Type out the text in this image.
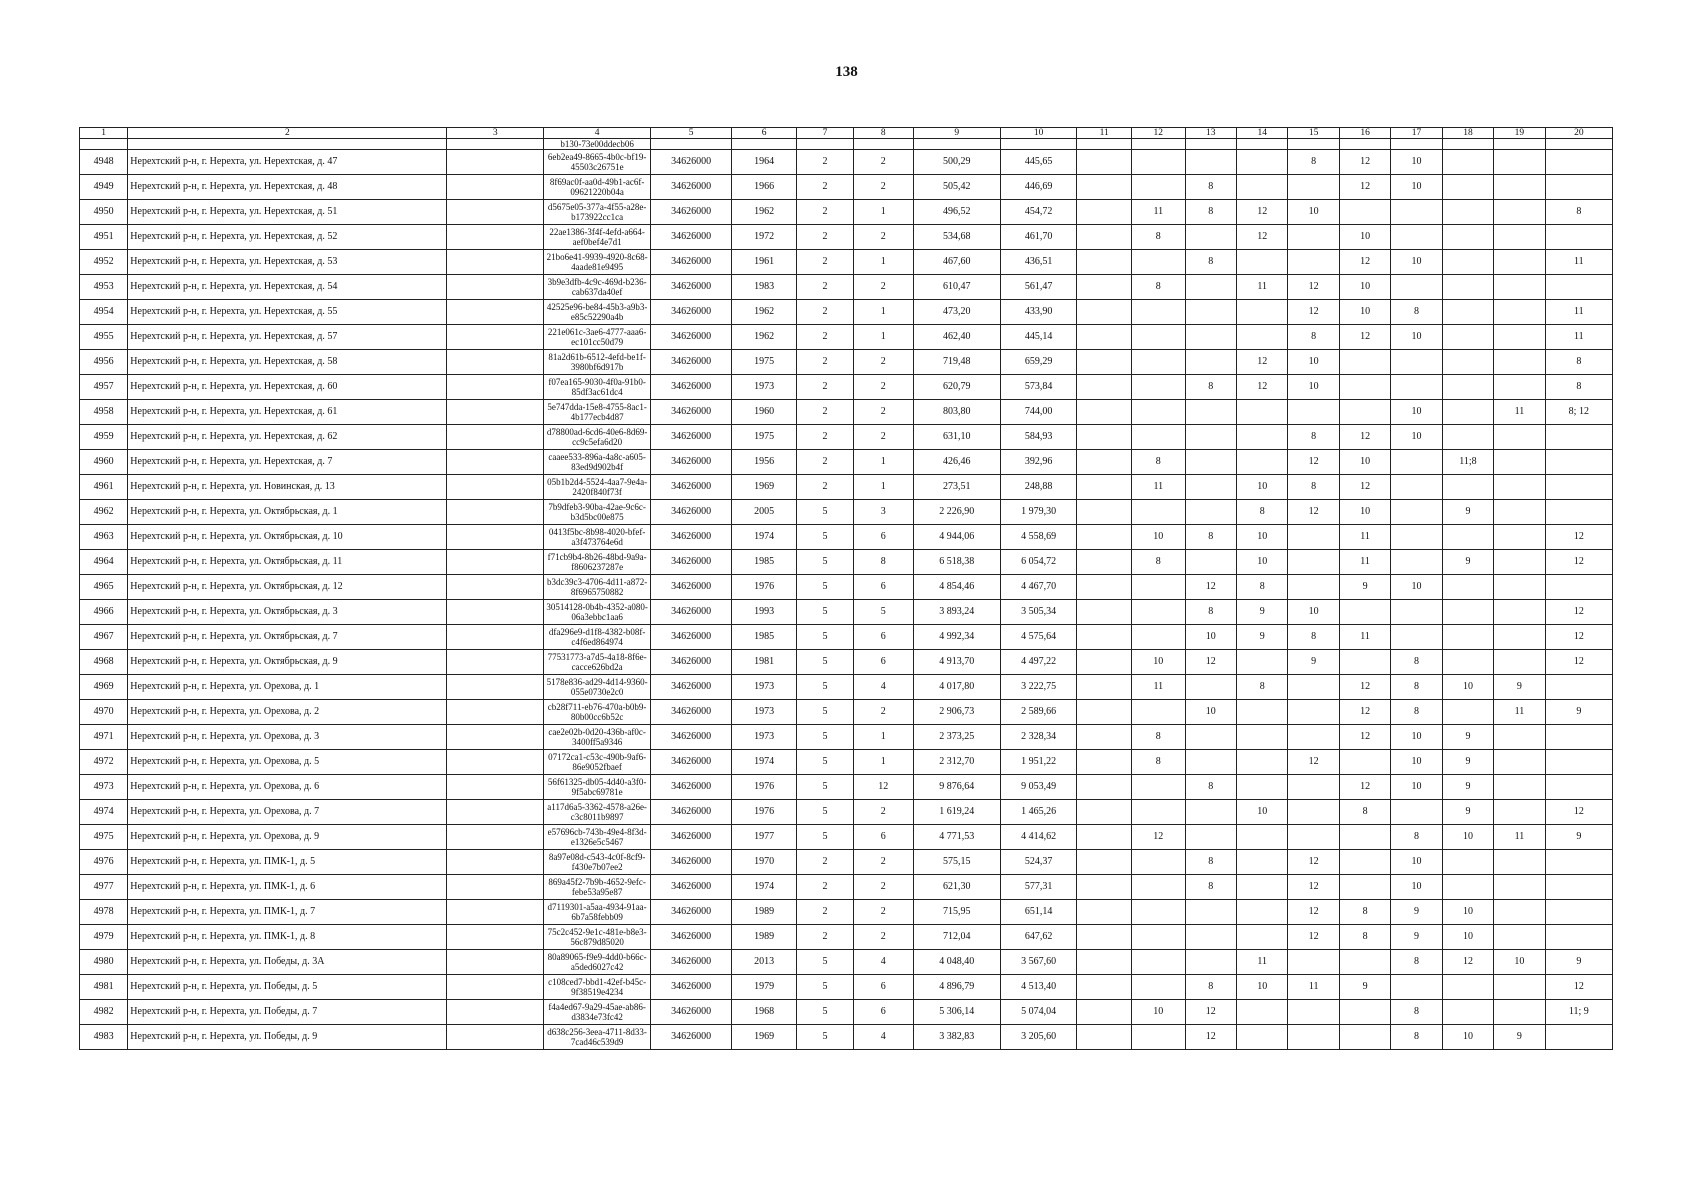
138
1	2	3	4	5	6	7	8	9	10	11	12	13	14	15	16	17	18	19	20
			b130-73e00ddecb06																
4948	Нерехтский р-н, г. Нерехта, ул. Нерехтская, д. 47		6eb2ea49-8665-4b0c-bf19-45503c26751e	34626000	1964	2	2	500,29	445,65					8	12	10			
4949	Нерехтский р-н, г. Нерехта, ул. Нерехтская, д. 48		8f69ac0f-aa0d-49b1-ac6f-09621220b04a	34626000	1966	2	2	505,42	446,69			8			12	10			
4950	Нерехтский р-н, г. Нерехта, ул. Нерехтская, д. 51		d5675e05-377a-4f55-a28e-b173922cc1ca	34626000	1962	2	1	496,52	454,72		11	8	12	10					8
4951	Нерехтский р-н, г. Нерехта, ул. Нерехтская, д. 52		22ae1386-3f4f-4efd-a664-aef0bef4e7d1	34626000	1972	2	2	534,68	461,70		8		12		10				
4952	Нерехтский р-н, г. Нерехта, ул. Нерехтская, д. 53		21bo6e41-9939-4920-8c68-4aade81e9495	34626000	1961	2	1	467,60	436,51			8			12	10			11
4953	Нерехтский р-н, г. Нерехта, ул. Нерехтская, д. 54		3b9e3dfb-4c9c-469d-b236-cab637da40ef	34626000	1983	2	2	610,47	561,47		8		11	12	10				
4954	Нерехтский р-н, г. Нерехта, ул. Нерехтская, д. 55		42525e96-be84-45b3-a9b3-e85c52290a4b	34626000	1962	2	1	473,20	433,90					12	10	8			11
4955	Нерехтский р-н, г. Нерехта, ул. Нерехтская, д. 57		221e061c-3ae6-4777-aaa6-ec101cc50d79	34626000	1962	2	1	462,40	445,14					8	12	10			11
4956	Нерехтский р-н, г. Нерехта, ул. Нерехтская, д. 58		81a2d61b-6512-4efd-be1f-3980bf6d917b	34626000	1975	2	2	719,48	659,29				12	10					8
4957	Нерехтский р-н, г. Нерехта, ул. Нерехтская, д. 60		f07ea165-9030-4f0a-91b0-85df3ac61dc4	34626000	1973	2	2	620,79	573,84			8	12	10					8
4958	Нерехтский р-н, г. Нерехта, ул. Нерехтская, д. 61		5e747dda-15e8-4755-8ac1-4b177ecb4d87	34626000	1960	2	2	803,80	744,00							10		11	8; 12
4959	Нерехтский р-н, г. Нерехта, ул. Нерехтская, д. 62		d78800ad-6cd6-40e6-8d69-cc9c5efa6d20	34626000	1975	2	2	631,10	584,93					8	12	10			
4960	Нерехтский р-н, г. Нерехта, ул. Нерехтская, д. 7		caaee533-896a-4a8c-a605-83ed9d902b4f	34626000	1956	2	1	426,46	392,96		8			12	10		11;8		
4961	Нерехтский р-н, г. Нерехта, ул. Новинская, д. 13		05b1b2d4-5524-4aa7-9e4a-2420f840f73f	34626000	1969	2	1	273,51	248,88		11		10	8	12				
4962	Нерехтский р-н, г. Нерехта, ул. Октябрьская, д. 1		7b9dfeb3-90ba-42ae-9c6c-b3d5bc00e875	34626000	2005	5	3	2 226,90	1 979,30				8	12	10		9		
4963	Нерехтский р-н, г. Нерехта, ул. Октябрьская, д. 10		0413f5bc-8b98-4020-bfef-a3f473764e6d	34626000	1974	5	6	4 944,06	4 558,69		10	8	10		11				12
4964	Нерехтский р-н, г. Нерехта, ул. Октябрьская, д. 11		f71cb9b4-8b26-48bd-9a9a-f8606237287e	34626000	1985	5	8	6 518,38	6 054,72		8		10		11		9		12
4965	Нерехтский р-н, г. Нерехта, ул. Октябрьская, д. 12		b3dc39c3-4706-4d11-a872-8f6965750882	34626000	1976	5	6	4 854,46	4 467,70			12	8		9	10			
4966	Нерехтский р-н, г. Нерехта, ул. Октябрьская, д. 3		30514128-0b4b-4352-a080-06a3ebbc1aa6	34626000	1993	5	5	3 893,24	3 505,34			8	9	10					12
4967	Нерехтский р-н, г. Нерехта, ул. Октябрьская, д. 7		dfa296e9-d1f8-4382-b08f-c4f6ed864974	34626000	1985	5	6	4 992,34	4 575,64			10	9	8	11				12
4968	Нерехтский р-н, г. Нерехта, ул. Октябрьская, д. 9		77531773-a7d5-4a18-8f6e-cacce626bd2a	34626000	1981	5	6	4 913,70	4 497,22		10	12		9		8			12
4969	Нерехтский р-н, г. Нерехта, ул. Орехова, д. 1		5178e836-ad29-4d14-9360-055e0730e2c0	34626000	1973	5	4	4 017,80	3 222,75		11		8		12	8	10	9	
4970	Нерехтский р-н, г. Нерехта, ул. Орехова, д. 2		cb28f711-eb76-470a-b0b9-80b00cc6b52c	34626000	1973	5	2	2 906,73	2 589,66			10			12	8		11	9
4971	Нерехтский р-н, г. Нерехта, ул. Орехова, д. 3		cae2e02b-0d20-436b-af0c-3400ff5a9346	34626000	1973	5	1	2 373,25	2 328,34		8				12	10	9		
4972	Нерехтский р-н, г. Нерехта, ул. Орехова, д. 5		07172ca1-c53c-490b-9af6-86e9052fbaef	34626000	1974	5	1	2 312,70	1 951,22		8			12		10	9		
4973	Нерехтский р-н, г. Нерехта, ул. Орехова, д. 6		56f61325-db05-4d40-a3f0-9f5abc69781e	34626000	1976	5	12	9 876,64	9 053,49			8			12	10	9		
4974	Нерехтский р-н, г. Нерехта, ул. Орехова, д. 7		a117d6a5-3362-4578-a26e-c3c8011b9897	34626000	1976	5	2	1 619,24	1 465,26				10		8		9		12
4975	Нерехтский р-н, г. Нерехта, ул. Орехова, д. 9		e57696cb-743b-49e4-8f3d-e1326e5c5467	34626000	1977	5	6	4 771,53	4 414,62		12					8	10	11	9
4976	Нерехтский р-н, г. Нерехта, ул. ПМК-1, д. 5		8a97e08d-c543-4c0f-8cf9-f430e7b07ee2	34626000	1970	2	2	575,15	524,37			8		12		10			
4977	Нерехтский р-н, г. Нерехта, ул. ПМК-1, д. 6		869a45f2-7b9b-4652-9efc-febe53a95e87	34626000	1974	2	2	621,30	577,31			8		12		10			
4978	Нерехтский р-н, г. Нерехта, ул. ПМК-1, д. 7		d7119301-a5aa-4934-91aa-6b7a58febb09	34626000	1989	2	2	715,95	651,14					12	8	9	10		
4979	Нерехтский р-н, г. Нерехта, ул. ПМК-1, д. 8		75c2c452-9e1c-481e-b8e3-56c879d85020	34626000	1989	2	2	712,04	647,62					12	8	9	10		
4980	Нерехтский р-н, г. Нерехта, ул. Победы, д. 3А		80a89065-f9e9-4dd0-b66c-a5ded6027c42	34626000	2013	5	4	4 048,40	3 567,60				11			8	12	10	9
4981	Нерехтский р-н, г. Нерехта, ул. Победы, д. 5		c108ced7-bbd1-42ef-b45c-9f38519e4234	34626000	1979	5	6	4 896,79	4 513,40			8	10	11	9				12
4982	Нерехтский р-н, г. Нерехта, ул. Победы, д. 7		f4a4ed67-9a29-45ae-ab86-d3834e73fc42	34626000	1968	5	6	5 306,14	5 074,04		10	12				8			11; 9
4983	Нерехтский р-н, г. Нерехта, ул. Победы, д. 9		d638c256-3eea-4711-8d33-7cad46c539d9	34626000	1969	5	4	3 382,83	3 205,60			12				8	10	9	
